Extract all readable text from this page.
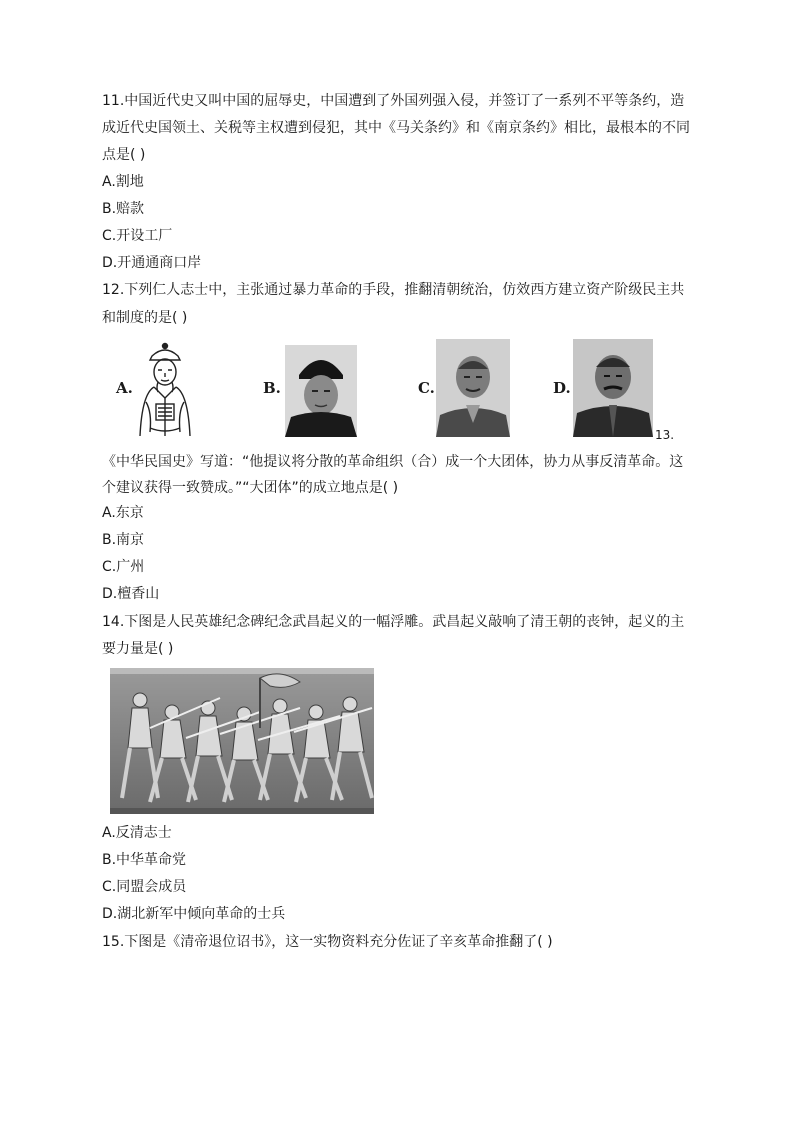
11.中国近代史又叫中国的屈辱史，中国遭到了外国列强入侵，并签订了一系列不平等条约，造
成近代史国领土、关税等主权遭到侵犯，其中《马关条约》和《南京条约》相比，最根本的不同
点是( )
A.割地
B.赔款
C.开设工厂
D.开通通商口岸
12.下列仁人志士中，主张通过暴力革命的手段，推翻清朝统治，仿效西方建立资产阶级民主共
和制度的是( )
A.	B.	C.	D.
13.
《中华民国史》写道：“他提议将分散的革命组织（合）成一个大团体，协力从事反清革命。这
个建议获得一致赞成。”“大团体”的成立地点是( )
A.东京
B.南京
C.广州
D.檀香山
14.下图是人民英雄纪念碑纪念武昌起义的一幅浮雕。武昌起义敲响了清王朝的丧钟，起义的主
要力量是( )
A.反清志士
B.中华革命党
C.同盟会成员
D.湖北新军中倾向革命的士兵
15.下图是《清帝退位诏书》，这一实物资料充分佐证了辛亥革命推翻了( )
